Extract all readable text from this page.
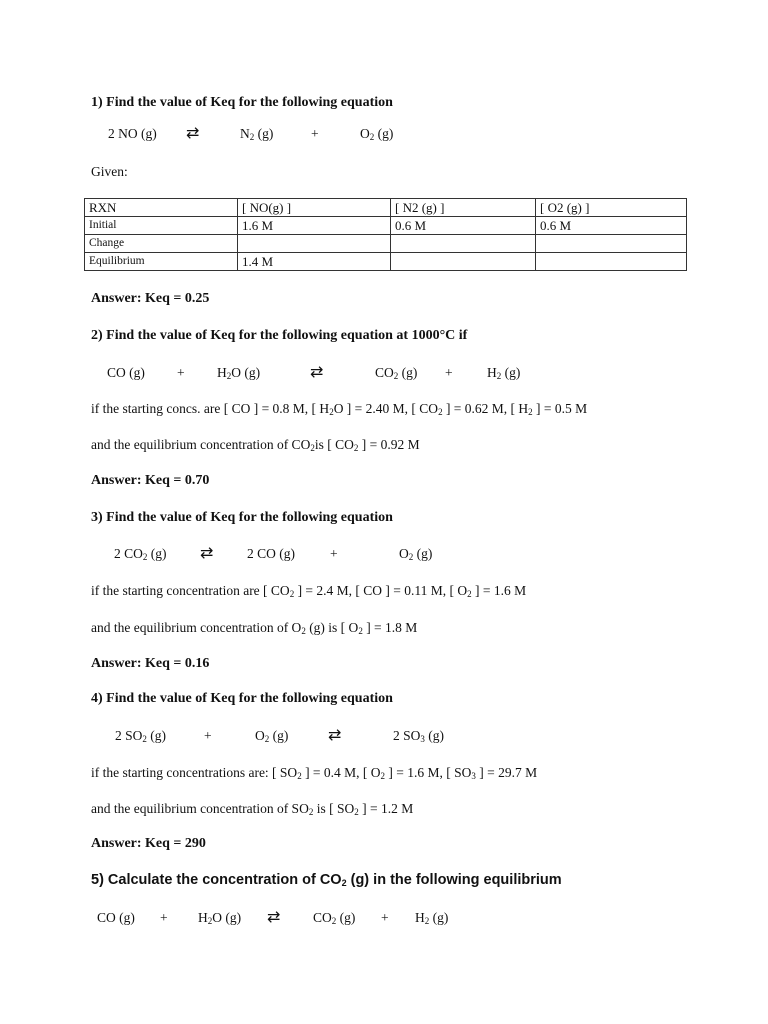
1) Find the value of Keq for the following equation
2 NO (g) ⇄	$N_2$ (g)	+	$O_2$ (g)
Given:
RXN	[ NO(g) ]	[ N2 (g) ]	[ O2 (g) ]
Initial	1.6 M	0.6 M	0.6 M
Change			
Equilibrium	1.4 M		
Answer: Keq = 0.25
2) Find the value of Keq for the following equation at 1000°C if
CO $(g) + H_2O$ (g)	⇄	$CO_2$ (g) +	$H_2$ (g)
if the starting concs. are [ CO ] = 0.8 M, [ $H_2O$ ] = 2.40 M, [ $CO_2$ ] = 0.62 M, [ $H_2$ ] = 0.5 M
and the equilibrium concentration of $CO_2is$ [ $CO_2$ ] = 0.92 M
Answer: Keq = 0.70
3) Find the value of Keq for the following equation
2 $CO_2$ (g) ⇄	2 CO (g)	+	$O_2$ (g)
if the starting concentration are [ $CO_2$ ] = 2.4 M, [ CO ] = 0.11 M, [ $O_2$ ] = 1.6 M
and the equilibrium concentration of $O_2$ (g) is [ $O_2$ ] = 1.8 M
Answer: Keq = 0.16
4) Find the value of Keq for the following equation
2 $SO_2$ (g)	+	$O_2$ (g) ⇄	2 $SO_3$ (g)
if the starting concentrations are: [ $SO_2$ ] = 0.4 M, [ $O_2$ ] = 1.6 M, [ $SO_3$ ] = 29.7 M
and the equilibrium concentration of $SO_2$ is [ $SO_2$ ] = 1.2 M
Answer: Keq = 290
5) Calculate the concentration of $CO_2$ (g) in the following equilibrium
CO $(g) + H_2O$ (g) ⇄ $CO_2$ $(g) + H_2$ (g)
